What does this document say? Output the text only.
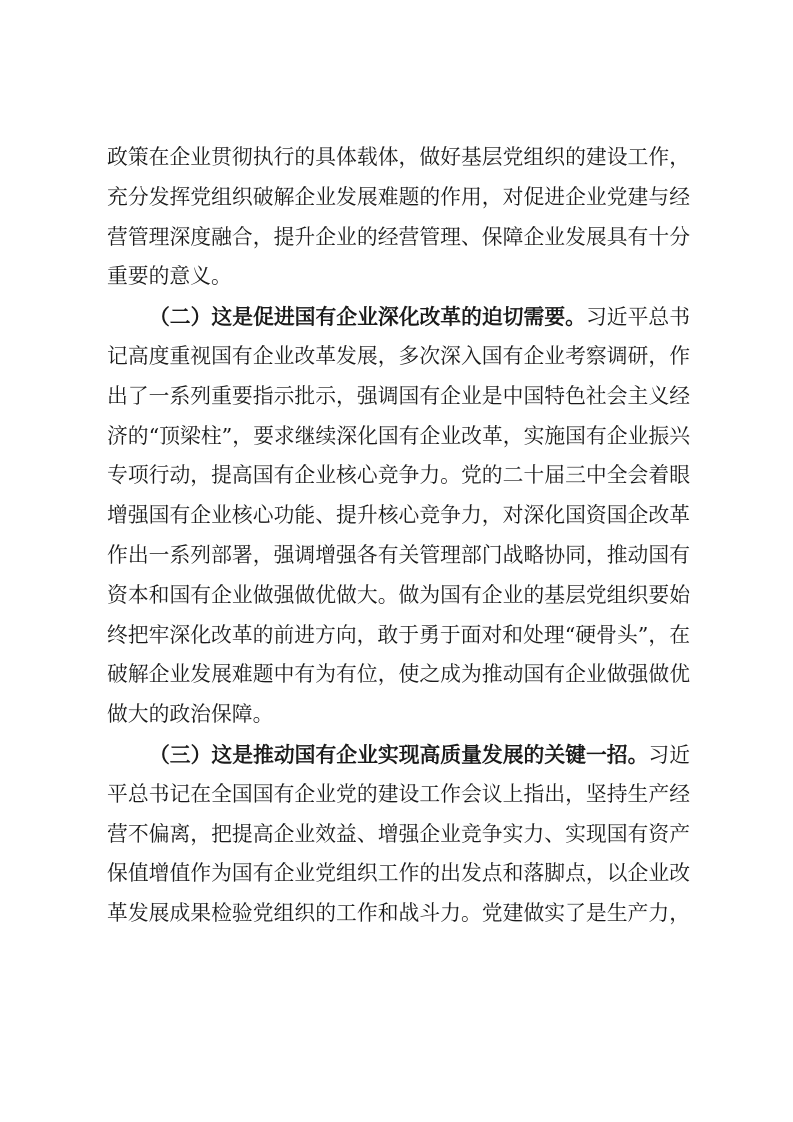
政策在企业贯彻执行的具体载体，做好基层党组织的建设工作，
充分发挥党组织破解企业发展难题的作用，对促进企业党建与经
营管理深度融合，提升企业的经营管理、保障企业发展具有十分
重要的意义。
（二）这是促进国有企业深化改革的迫切需要。习近平总书
记高度重视国有企业改革发展，多次深入国有企业考察调研，作
出了一系列重要指示批示，强调国有企业是中国特色社会主义经
济的“顶梁柱”，要求继续深化国有企业改革，实施国有企业振兴
专项行动，提高国有企业核心竞争力。党的二十届三中全会着眼
增强国有企业核心功能、提升核心竞争力，对深化国资国企改革
作出一系列部署，强调增强各有关管理部门战略协同，推动国有
资本和国有企业做强做优做大。做为国有企业的基层党组织要始
终把牢深化改革的前进方向，敢于勇于面对和处理“硬骨头”，在
破解企业发展难题中有为有位，使之成为推动国有企业做强做优
做大的政治保障。
（三）这是推动国有企业实现高质量发展的关键一招。习近
平总书记在全国国有企业党的建设工作会议上指出，坚持生产经
营不偏离，把提高企业效益、增强企业竞争实力、实现国有资产
保值增值作为国有企业党组织工作的出发点和落脚点，以企业改
革发展成果检验党组织的工作和战斗力。党建做实了是生产力，
